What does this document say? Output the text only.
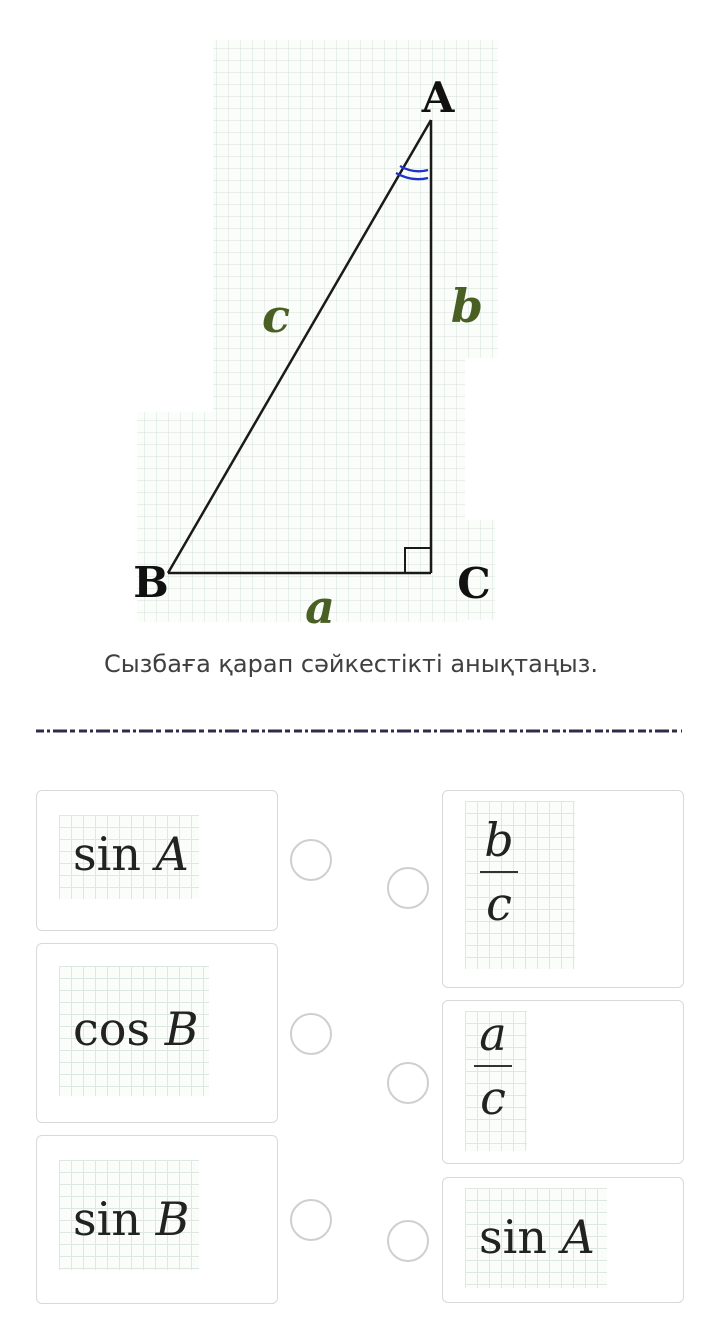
A
B	C
c	b
a
Сызбаға қарап сәйкестікті анықтаңыз.
sin A
cos B
sin B
b
c
a
c
sin A
